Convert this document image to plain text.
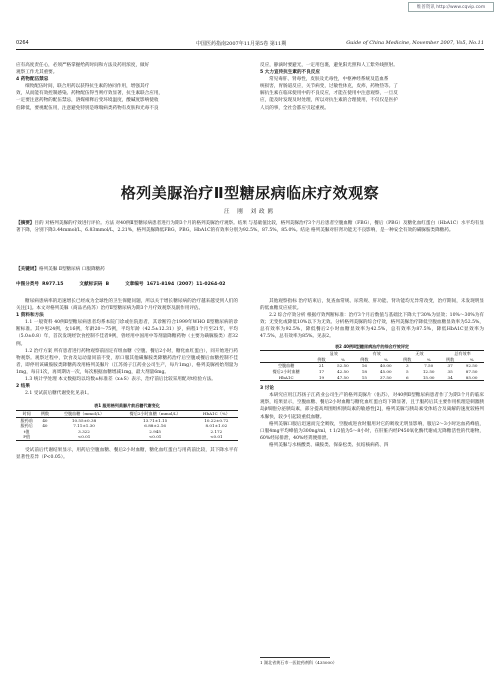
维普资讯 http://www.cqvip.com
0264	中国医药指南2007年11月第5卷 第11期	Guide of China Medicine, November 2007, Vo5, No.11
应有高度责任心，必须严格掌握给药时间和方法及药用浓度，做好
观察工作尤其重要。
4 药物配伍禁忌
细致配伍时间，联合用药以获得抗生素的协同作用，增强其疗
效，从而能有效控制感染。药物配伍得当则疗效显著，抗生素联合应用，
一定要注意药物的配伍禁忌，溶媒相释后变环境温度，酸碱度影响使收
伯降低，要视配伍用，注意避免特别是哮喘病类药物有皮肤和光毒不良
反应，静滴时要避光，一定用包裹，避免阳光照和人工紫外线照射。
5 大力宣传抗生素的不良反应
常见毒肝、肾毒性，皮肤及光毒性，中枢神经系统及造血系
统损害，胃肠道反应，关节病变，过敏性休克，皮疹，药物热等。了
解抗生素在临床使用中的不良反应，才能在使用中注意观察，一旦反
应，能及时发现及时处理，所以对抗生素的合理使用，不仅仅是医护
人员的事，全社会都应引起重视。
格列美脲治疗Ⅱ型糖尿病临床疗效观察
汪 刚 刘政鸥
【摘要】目的 对格列美脲的疗效进行评价。方法 对40例Ⅱ型糖尿病患者进行为期3个月的格列美脲治疗观察。结果 与基础值比较，格列美脲治疗3个月后患者空腹血糖（FBG），餐后（PBG）及糖化血红蛋白（HbA1C）水平均有显著下降，分别下降3.44mmol/L，6.83mmol/L，2.21%，格列美脲降低FBG，PBG，HbA1C的有效率分别为92.5%，87.5%，85.0%。结论 格列美脲对肝肾功能无不良影响，是一种安全有效的磺脲胺类降糖药。
【关键词】格列美脲 Ⅱ型糖尿病 口服降糖药
中图分类号  R977.15          文献标识码  B          文章编号  1671-8194（2007）11-0264-02
糖尿病患病率的迅速增长已经成为全球性的卫生保健问题，所以关于增长糖尿病的治疗越来越受到人们的关注[1]。本文对格列美脲（商品名佑苏）治疗Ⅱ型糖尿病为期3个月疗效观察及副作用评估。
1 资料和方法
1.1 一般资料 40例Ⅱ型糖尿病患者均系本院门诊或住院患者，其诊断符合1999年WHO Ⅱ型糖尿病的诊断标准。其中男24例，女16例，年龄20～75例，平均年龄（42.5±12.31）岁，病程1个月至21年，平均（5.0±0.8）年，首次发现经饮食控制不佳者9例，曾经用中国用中等剂量降糖药物（主要为磺脲胺类）者32例。
1.2 治疗方案 所有患者进行药物观察前固定有组血糖（空腹、餐后2小时，糖化血红蛋白），同开始进行药物观察。观察过程中，饮食及运动量同前不变，原口服其他磺脲胺类降糖药治疗后空腹或餐后血糖控制不佳者，即停用该磺胺胺类降糖药改用格列美脲片（江苏扬子江药业公司生产，每片1mg），格列美脲初始剂量为1mg，每日1次，再周期访一次，每次根据血糖增减1mg，最大剂量6mg。
1.3 统计学处理 本文数据均以均数±标准差（x±S）表示，治疗前后比较采用配对t检验方法。
2 结果
2.1 受试前后糖代谢变化见表1。
表1 服用格列美脲片前后糖代谢变化
时间	例数	空腹血糖（mmol/L）	餐后2小时血糖（mmol/L）	HbA1C（%）
服药前	40	10.55±0.38	13.71±1.15	10.22±0.72
服药后	40	7.11±1.30	6.88±2.16	8.01±1.02
t值		3.322	2.945	2.172
P值		<0.01	<0.01	<0.01
受试前后代谢结果显示，用药后空腹血糖、餐后2小时血糖，糖化血红蛋白与用药前比较，其下降水平有显著性差异（P<0.05）。
其他观察指标 治疗结束后，复查血常规、尿常规、肝功能、肾功能均无异常改变，治疗期间，未发现明显的低血糖反应症状。
2.2 综合疗效分析 根据疗效判断标准：治疗3个月后数值与基础比下降大于30%为显效；10%～30%为有效；无变化或降低10%以下为无效。分析格列美脲的综合疗效，格列美脲治疗降低空腹血糖显效率为52.5%，总有效率为92.5%，降低餐后2小时血糖显效率为42.5%，总有效率为87.5%，降低HbA1C显效率为47.5%，总有效率为85%。见表2。
表2 40例Ⅱ型糖尿病治疗的综合疗效评定
	显效		有效		无效		总有效率	
	例数	%	例数	%	例数	%	例数	%
空腹血糖	21	52.50	16	40.00	3	7.50	37	92.50
餐后2小时血糖	17	42.50	18	45.00	5	12.50	35	87.50
HbA1C	19	47.50	15	37.50	6	15.00	34	85.00
3 讨论
本研究应用江苏扬子江药业公司生产的格列美脲片（佑苏），对40例Ⅱ型糖尿病患者作了为期3个月的临床观察，结果显示，空腹血糖、餐后2小时血糖与糖化血红蛋白均下降显著，且于服药后其主要作用机理是刺激胰岛β细胞分泌胰岛素，部分提高周围组织胰岛素的敏感性[2]，格列美脲与胰岛素受体结合及离解的速度较格列本脲快，较少引起较重低血糖。
格列美脲口服后迅速而完全吸收，空腹或进食时服用对它的吸收无明显影响，服后2～3小时达血药峰值，口服4mg平均峰值为300ng/ml，t 1/2值为5～8小时，在肝脏内经P450氧化酶代谢成无降糖活性的代谢物，60%经尿排泄，40%经粪便排泄。
格列美脲与水杨酸类、磺胺类、保泰松类、抗结核病药、四
1 湖北省黄石市一医院药剂科（435000）
